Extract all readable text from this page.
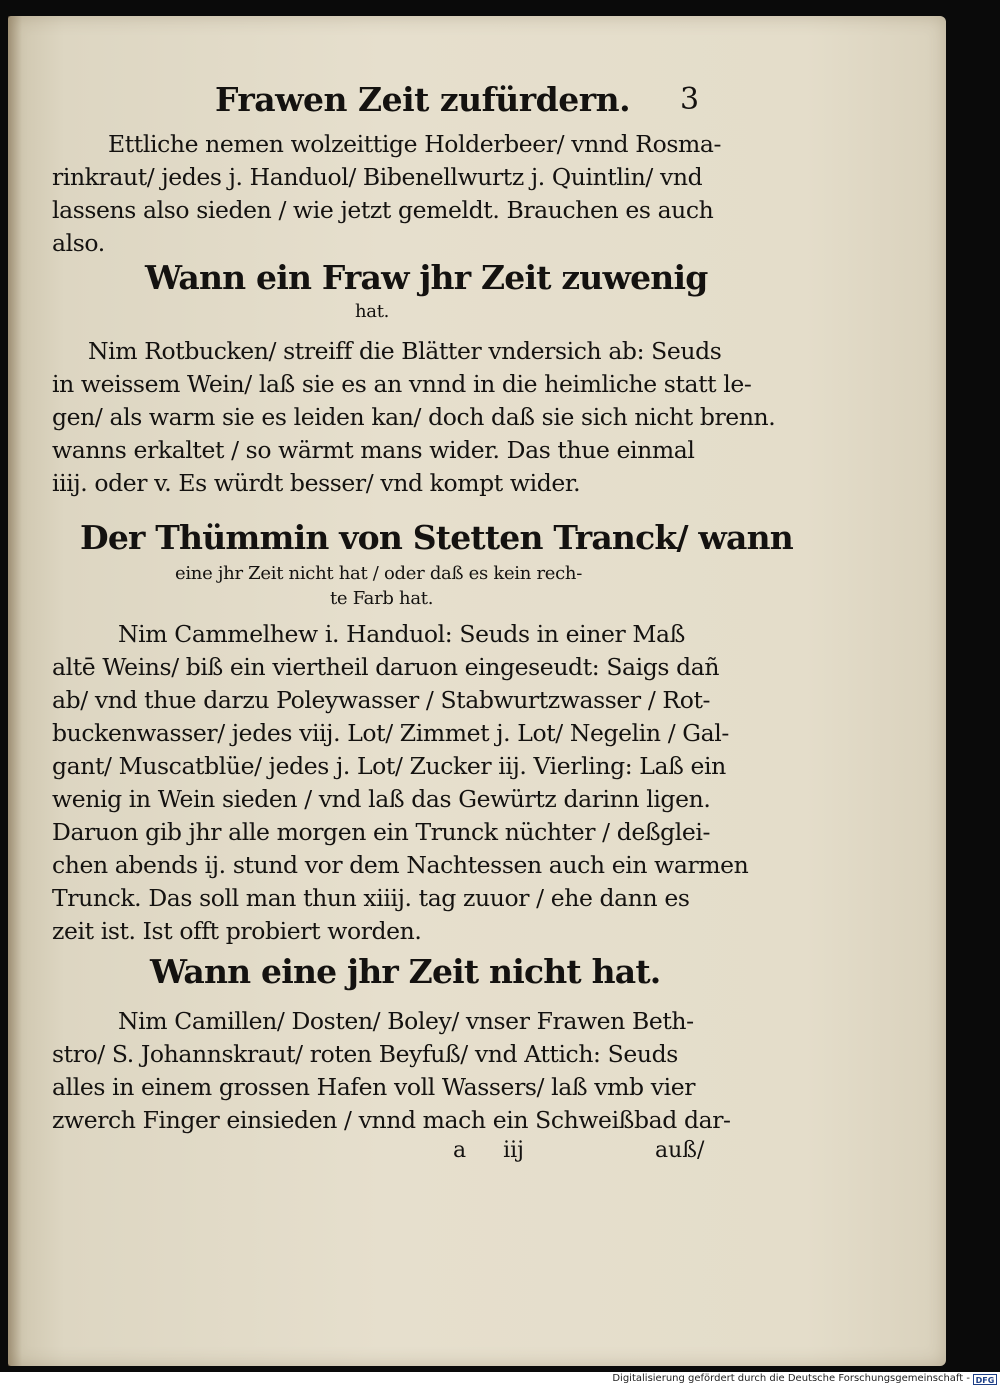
Frawen Zeit zufürdern. 3
Ettliche nemen wolzeittige Holderbeer/ vnnd Rosma-
rinkraut/ jedes j. Handuol/ Bibenellwurtz j. Quintlin/ vnd
lassens also sieden / wie jetzt gemeldt. Brauchen es auch
also.
Wann ein Fraw jhr Zeit zuwenig
hat.
Nim Rotbucken/ streiff die Blätter vndersich ab: Seuds
in weissem Wein/ laß sie es an vnnd in die heimliche statt le-
gen/ als warm sie es leiden kan/ doch daß sie sich nicht brenn.
wanns erkaltet / so wärmt mans wider. Das thue einmal
iiij. oder v. Es würdt besser/ vnd kompt wider.
Der Thümmin von Stetten Tranck/ wann
eine jhr Zeit nicht hat / oder daß es kein rech-
te Farb hat.
Nim Cammelhew i. Handuol: Seuds in einer Maß
altē Weins/ biß ein viertheil daruon eingeseudt: Saigs dañ
ab/ vnd thue darzu Poleywasser / Stabwurtzwasser / Rot-
buckenwasser/ jedes viij. Lot/ Zimmet j. Lot/ Negelin / Gal-
gant/ Muscatblüe/ jedes j. Lot/ Zucker iij. Vierling: Laß ein
wenig in Wein sieden / vnd laß das Gewürtz darinn ligen.
Daruon gib jhr alle morgen ein Trunck nüchter / deßglei-
chen abends ij. stund vor dem Nachtessen auch ein warmen
Trunck. Das soll man thun xiiij. tag zuuor / ehe dann es
zeit ist. Ist offt probiert worden.
Wann eine jhr Zeit nicht hat.
Nim Camillen/ Dosten/ Boley/ vnser Frawen Beth-
stro/ S. Johannskraut/ roten Beyfuß/ vnd Attich: Seuds
alles in einem grossen Hafen voll Wassers/ laß vmb vier
zwerch Finger einsieden / vnnd mach ein Schweißbad dar-
a iij	auß/
Digitalisierung gefördert durch die Deutsche Forschungsgemeinschaft - DFG
